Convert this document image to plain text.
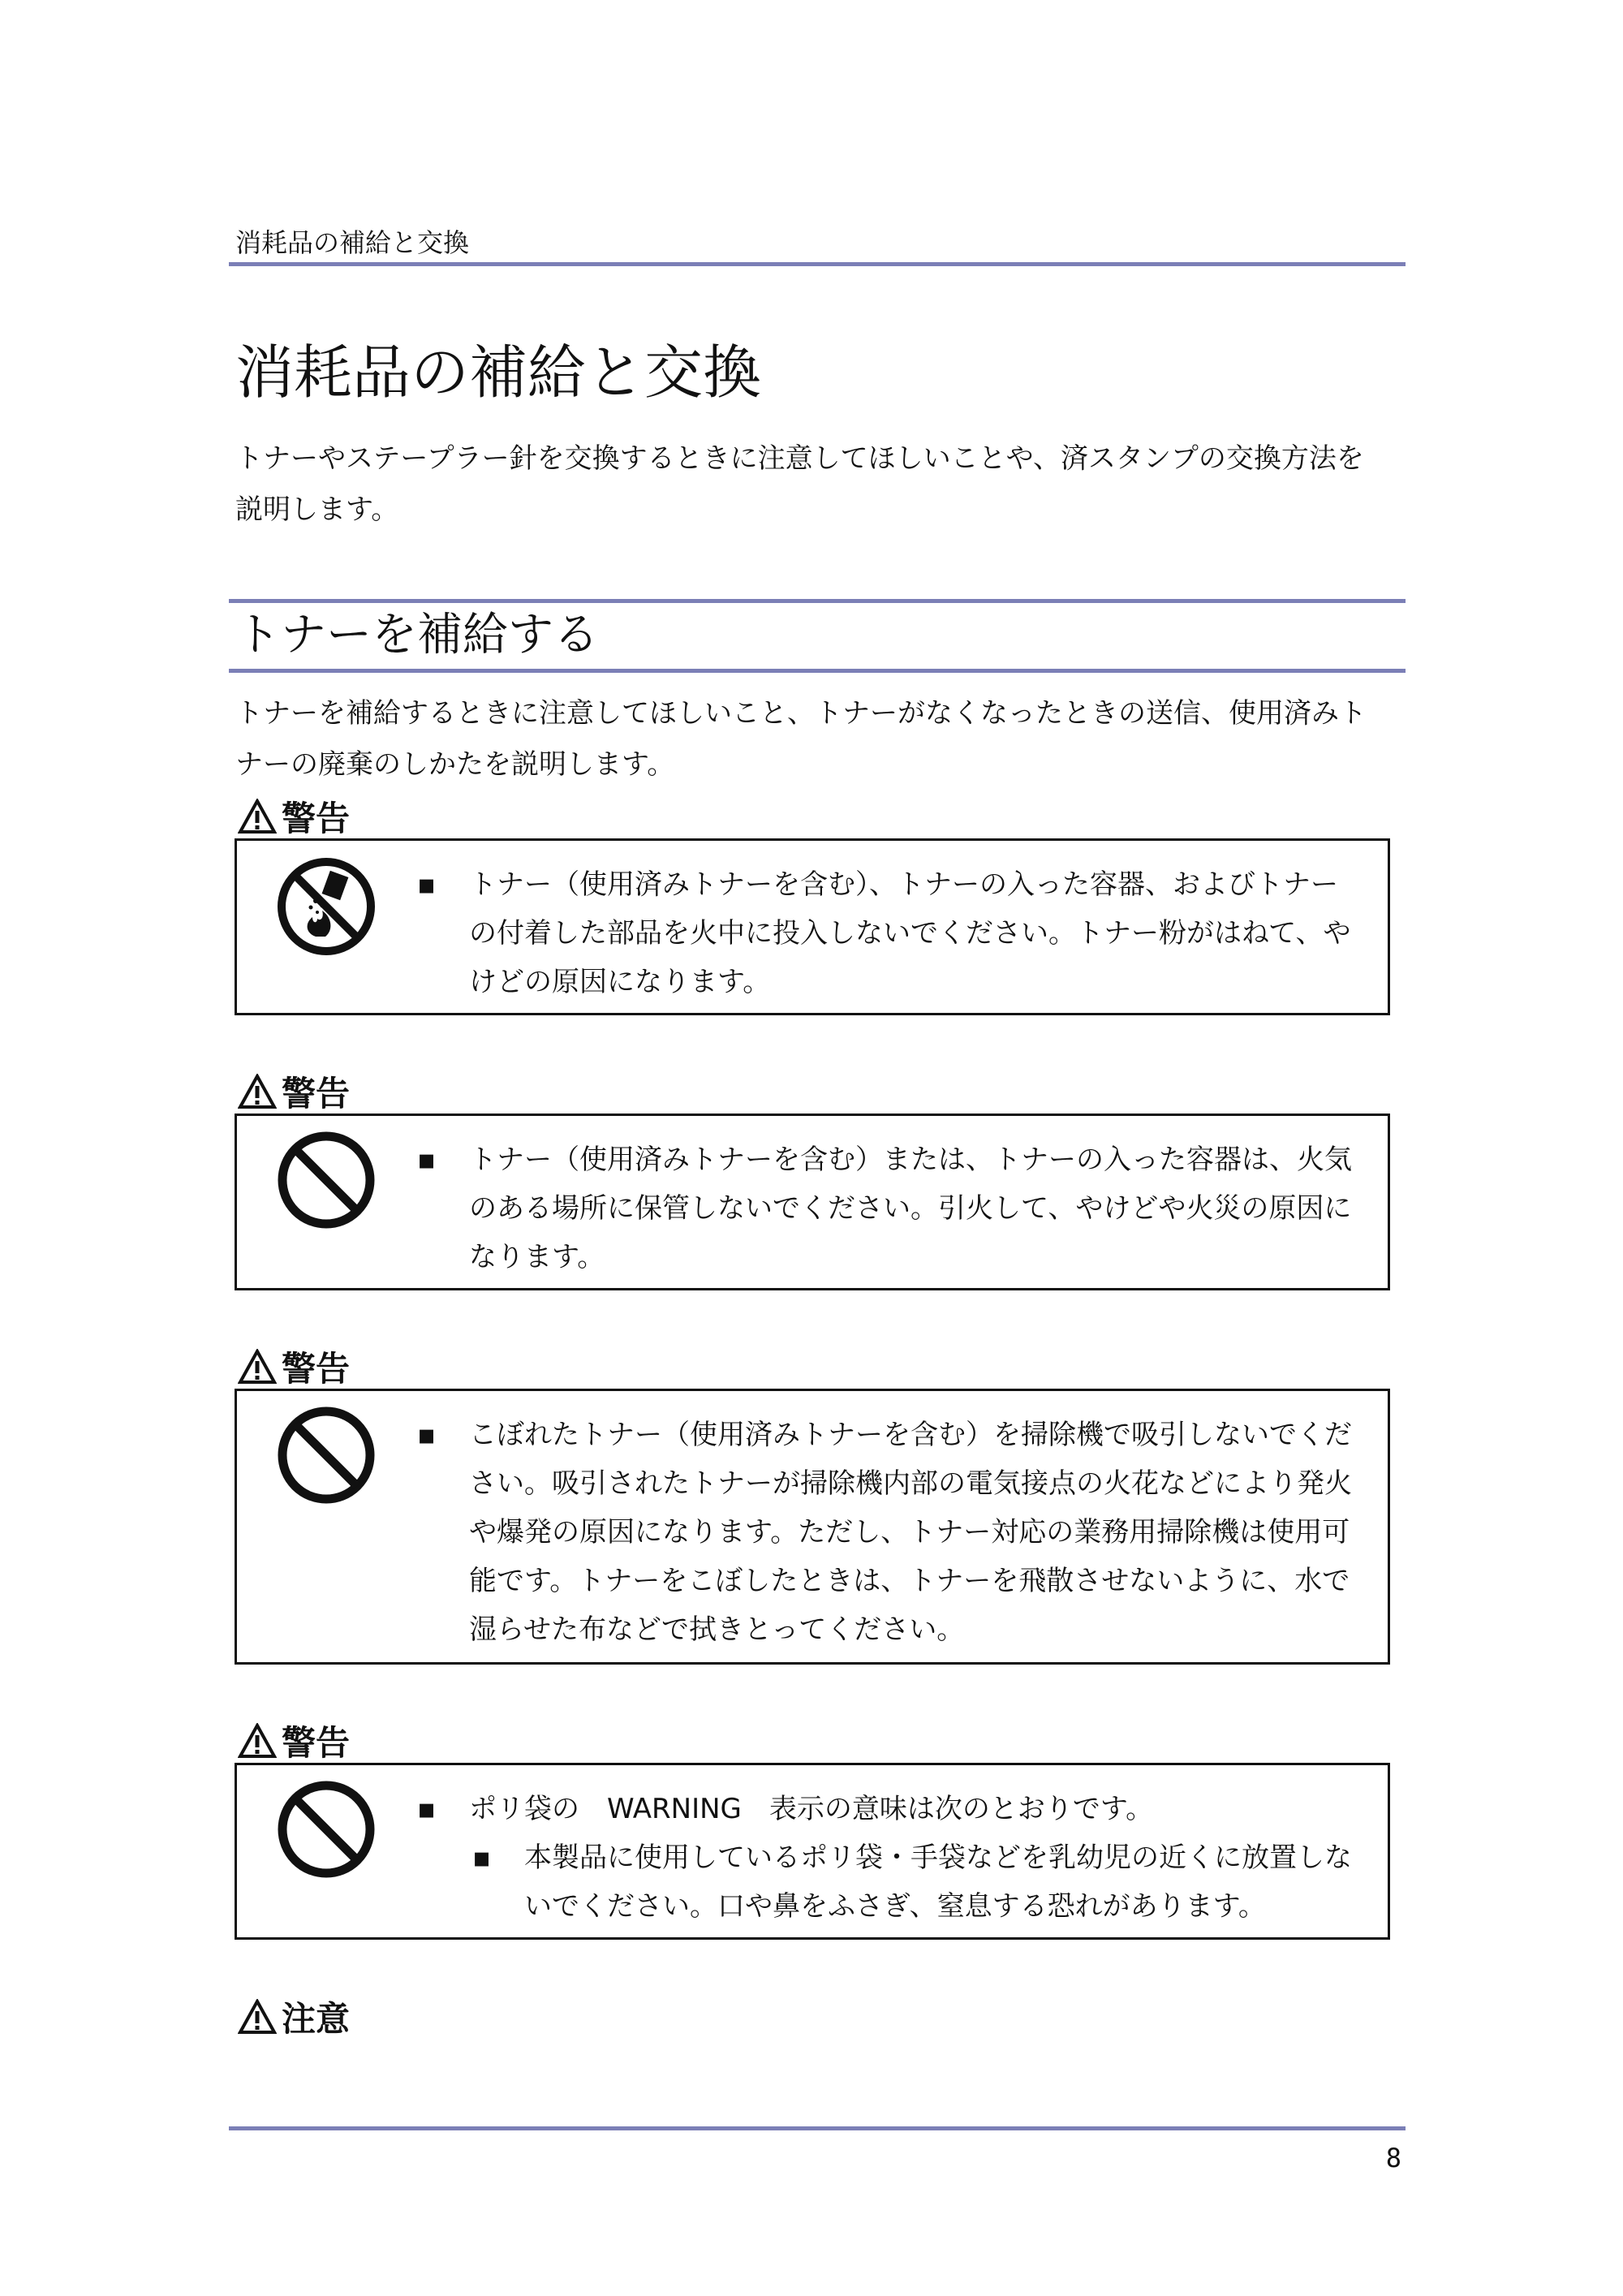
消耗品の補給と交換
消耗品の補給と交換

トナーやステープラー針を交換するときに注意してほしいことや、済スタンプの交換方法を

説明します。

トナーを補給する

トナーを補給するときに注意してほしいこと、トナーがなくなったときの送信、使用済みト

ナーの廃棄のしかたを説明します。

警告
▪ トナー（使用済みトナーを含む）、トナーの入った容器、およびトナー
の付着した部品を火中に投入しないでください。トナー粉がはねて、や
けどの原因になります。
警告
▪ トナー（使用済みトナーを含む）または、トナーの入った容器は、火気
のある場所に保管しないでください。引火して、やけどや火災の原因に
なります。
警告
▪ こぼれたトナー（使用済みトナーを含む）を掃除機で吸引しないでくだ
さい。吸引されたトナーが掃除機内部の電気接点の火花などにより発火
や爆発の原因になります。ただし、トナー対応の業務用掃除機は使用可
能です。トナーをこぼしたときは、トナーを飛散させないように、水で
湿らせた布などで拭きとってください。
警告
▪ ポリ袋の　WARNING　表示の意味は次のとおりです。
▪ 本製品に使用しているポリ袋・手袋などを乳幼児の近くに放置しな
いでください。口や鼻をふさぎ、窒息する恐れがあります。
注意
8
